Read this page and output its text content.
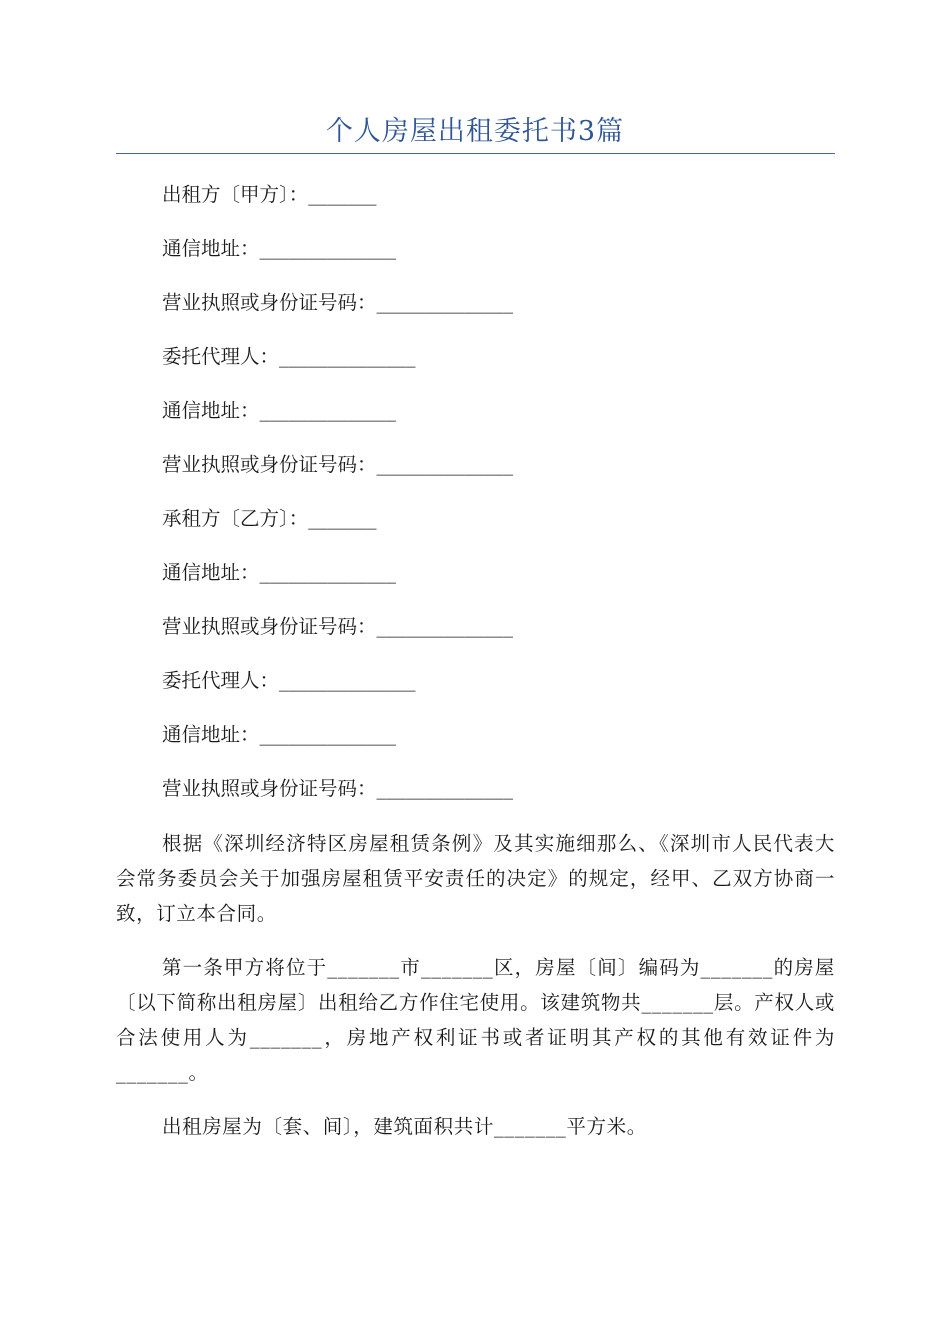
个人房屋出租委托书3篇
出租方〔甲方〕：_______
通信地址：______________
营业执照或身份证号码：______________
委托代理人：______________
通信地址：______________
营业执照或身份证号码：______________
承租方〔乙方〕：_______
通信地址：______________
营业执照或身份证号码：______________
委托代理人：______________
通信地址：______________
营业执照或身份证号码：______________

根据《深圳经济特区房屋租赁条例》及其实施细那么、《深圳市人民代表大会常务委员会关于加强房屋租赁平安责任的决定》的规定，经甲、乙双方协商一致，订立本合同。

第一条甲方将位于_______市_______区，房屋〔间〕编码为_______的房屋〔以下简称出租房屋〕出租给乙方作住宅使用。该建筑物共_______层。产权人或合法使用人为_______，房地产权利证书或者证明其产权的其他有效证件为_______。

出租房屋为〔套、间〕，建筑面积共计_______平方米。
